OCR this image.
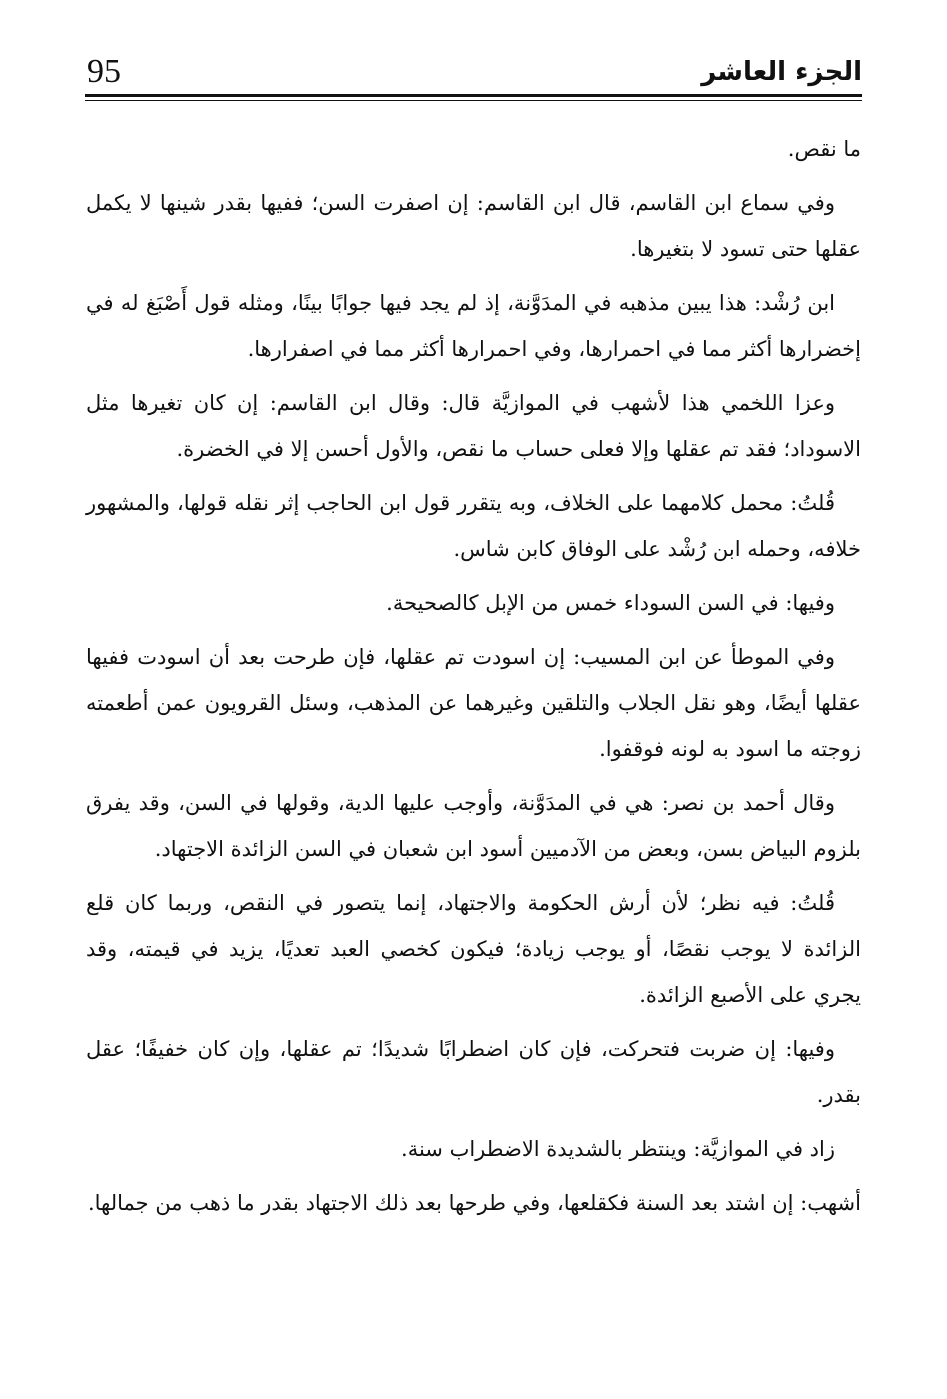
95	الجزء العاشر

ما نقص.

وفي سماع ابن القاسم، قال ابن القاسم: إن اصفرت السن؛ ففيها بقدر شينها لا يكمل عقلها حتى تسود لا بتغيرها.

ابن رُشْد: هذا يبين مذهبه في المدَوَّنة، إذ لم يجد فيها جوابًا بينًا، ومثله قول أَصْبَغ له في إخضرارها أكثر مما في احمرارها، وفي احمرارها أكثر مما في اصفرارها.

وعزا اللخمي هذا لأشهب في الموازيَّة قال: وقال ابن القاسم: إن كان تغيرها مثل الاسوداد؛ فقد تم عقلها وإلا فعلى حساب ما نقص، والأول أحسن إلا في الخضرة.

قُلتُ: محمل كلامهما على الخلاف، وبه يتقرر قول ابن الحاجب إثر نقله قولها، والمشهور خلافه، وحمله ابن رُشْد على الوفاق كابن شاس.

وفيها: في السن السوداء خمس من الإبل كالصحيحة.

وفي الموطأ عن ابن المسيب: إن اسودت تم عقلها، فإن طرحت بعد أن اسودت ففيها عقلها أيضًا، وهو نقل الجلاب والتلقين وغيرهما عن المذهب، وسئل القرويون عمن أطعمته زوجته ما اسود به لونه فوقفوا.

وقال أحمد بن نصر: هي في المدَوَّنة، وأوجب عليها الدية، وقولها في السن، وقد يفرق بلزوم البياض بسن، وبعض من الآدميين أسود ابن شعبان في السن الزائدة الاجتهاد.

قُلتُ: فيه نظر؛ لأن أرش الحكومة والاجتهاد، إنما يتصور في النقص، وربما كان قلع الزائدة لا يوجب نقصًا، أو يوجب زيادة؛ فيكون كخصي العبد تعديًا، يزيد في قيمته، وقد يجري على الأصبع الزائدة.

وفيها: إن ضربت فتحركت، فإن كان اضطرابًا شديدًا؛ تم عقلها، وإن كان خفيفًا؛ عقل بقدر.

زاد في الموازيَّة: وينتظر بالشديدة الاضطراب سنة.

أشهب: إن اشتد بعد السنة فكقلعها، وفي طرحها بعد ذلك الاجتهاد بقدر ما ذهب من جمالها.
